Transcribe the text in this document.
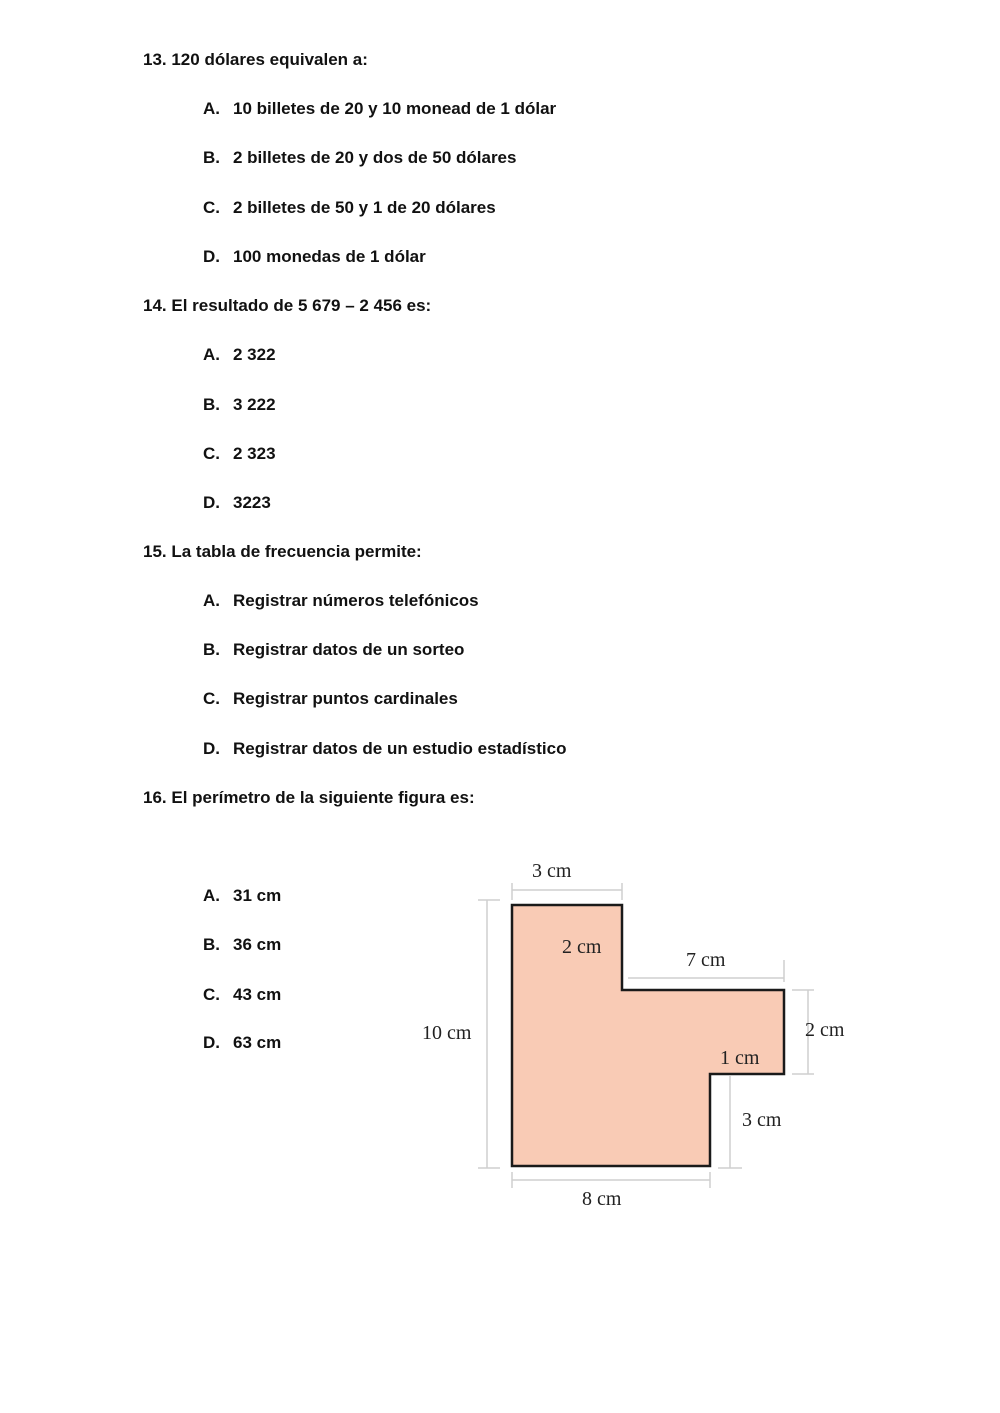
13. 120 dólares equivalen a:
A. 10 billetes de 20 y 10 monead de 1 dólar
B. 2 billetes de 20 y dos de 50 dólares
C. 2 billetes de 50 y 1 de 20 dólares
D. 100 monedas de 1 dólar
14. El resultado de 5 679 – 2 456 es:
A. 2 322
B. 3 222
C. 2 323
D. 3223
15. La tabla de frecuencia permite:
A. Registrar números telefónicos
B. Registrar datos de un sorteo
C. Registrar puntos cardinales
D. Registrar datos de un estudio estadístico
16. El perímetro de la siguiente figura es:
A. 31 cm
B. 36 cm
C. 43 cm
D. 63 cm
3 cm
2 cm
7 cm
10 cm	2 cm
1 cm
3 cm
8 cm
